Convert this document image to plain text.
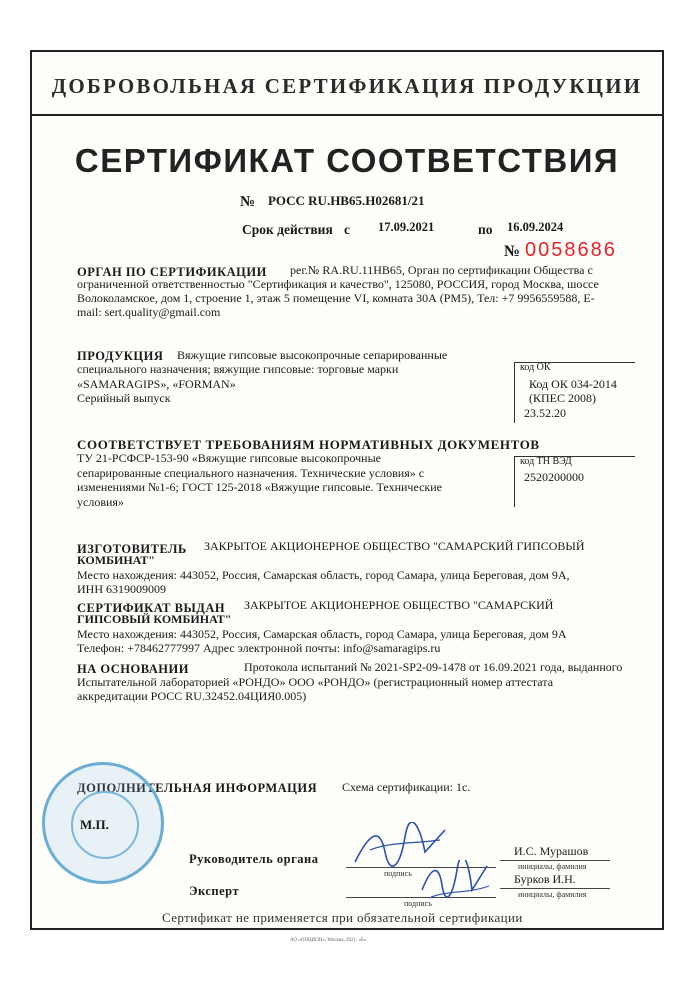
ДОБРОВОЛЬНАЯ СЕРТИФИКАЦИЯ ПРОДУКЦИИ
СЕРТИФИКАТ СООТВЕТСТВИЯ
№ РОСС RU.НВ65.Н02681/21
Срок действия с 17.09.2021	по 16.09.2024
№ 0058686
ОРГАН ПО СЕРТИФИКАЦИИ рег.№ RA.RU.11НВ65, Орган по сертификации Общества с
ограниченной ответственностью "Сертификация и качество", 125080, РОССИЯ, город Москва, шоссе
Волоколамское, дом 1, строение 1, этаж 5 помещение VI, комната 30А (РМ5), Тел: +7 9956559588, E-
mail: sert.quality@gmail.com
ПРОДУКЦИЯ Вяжущие гипсовые высокопрочные сепарированные
специального назначения; вяжущие гипсовые: торговые марки
«SAMARAGIPS», «FORMAN»
Серийный выпуск
код ОК
Код ОК 034-2014
(КПЕС 2008)
23.52.20
СООТВЕТСТВУЕТ ТРЕБОВАНИЯМ НОРМАТИВНЫХ ДОКУМЕНТОВ
ТУ 21-РСФСР-153-90 «Вяжущие гипсовые высокопрочные
сепарированные специального назначения. Технические условия» с
изменениями №1-6; ГОСТ 125-2018 «Вяжущие гипсовые. Технические
условия»
код ТН ВЭД
2520200000
ИЗГОТОВИТЕЛЬ ЗАКРЫТОЕ АКЦИОНЕРНОЕ ОБЩЕСТВО "САМАРСКИЙ ГИПСОВЫЙ
КОМБИНАТ"
Место нахождения: 443052, Россия, Самарская область, город Самара, улица Береговая, дом 9А,
ИНН 6319009009
СЕРТИФИКАТ ВЫДАН ЗАКРЫТОЕ АКЦИОНЕРНОЕ ОБЩЕСТВО "САМАРСКИЙ
ГИПСОВЫЙ КОМБИНАТ"
Место нахождения: 443052, Россия, Самарская область, город Самара, улица Береговая, дом 9А
Телефон: +78462777997 Адрес электронной почты: info@samaragips.ru
НА ОСНОВАНИИ	Протокола испытаний № 2021-SP2-09-1478 от 16.09.2021 года, выданного
Испытательной лабораторией «РОНДО» ООО «РОНДО» (регистрационный номер аттестата
аккредитации РОСС RU.32452.04ЦИЯ0.005)
ДОПОЛНИТЕЛЬНАЯ ИНФОРМАЦИЯ Схема сертификации: 1с.
Руководитель органа
подпись
И.С. Мурашов
инициалы, фамилия
Эксперт
подпись
Бурков И.Н.
инициалы, фамилия
Сертификат не применяется при обязательной сертификации
М.П.
АО «ОПЦИОН», Москва, 2021, «Б»
